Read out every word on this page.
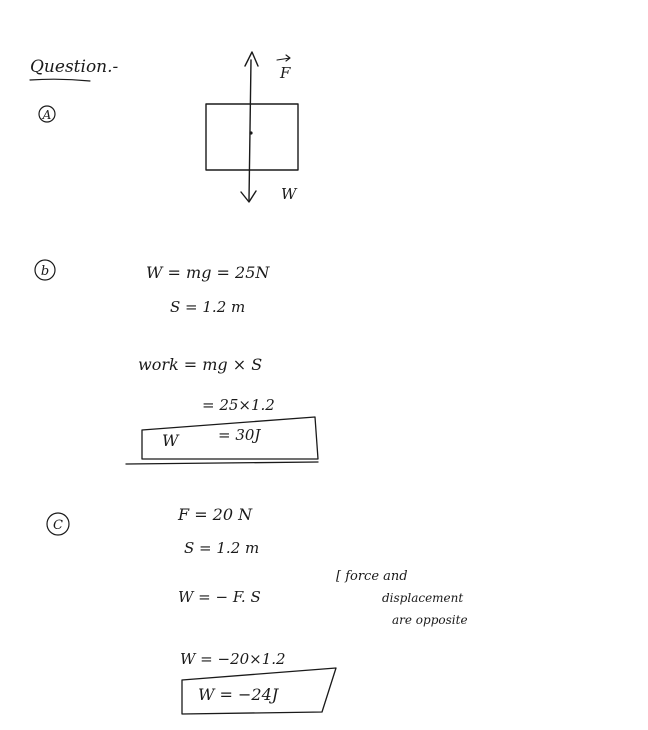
Question.-
A
F
W
b	W = mg = 25N
S = 1.2 m
work = mg × S
= 25×1.2
W	= 30J
C
F = 20 N
S = 1.2 m
W = − F. S
[ force and
displacement
are opposite
W = −20×1.2
W = −24J
